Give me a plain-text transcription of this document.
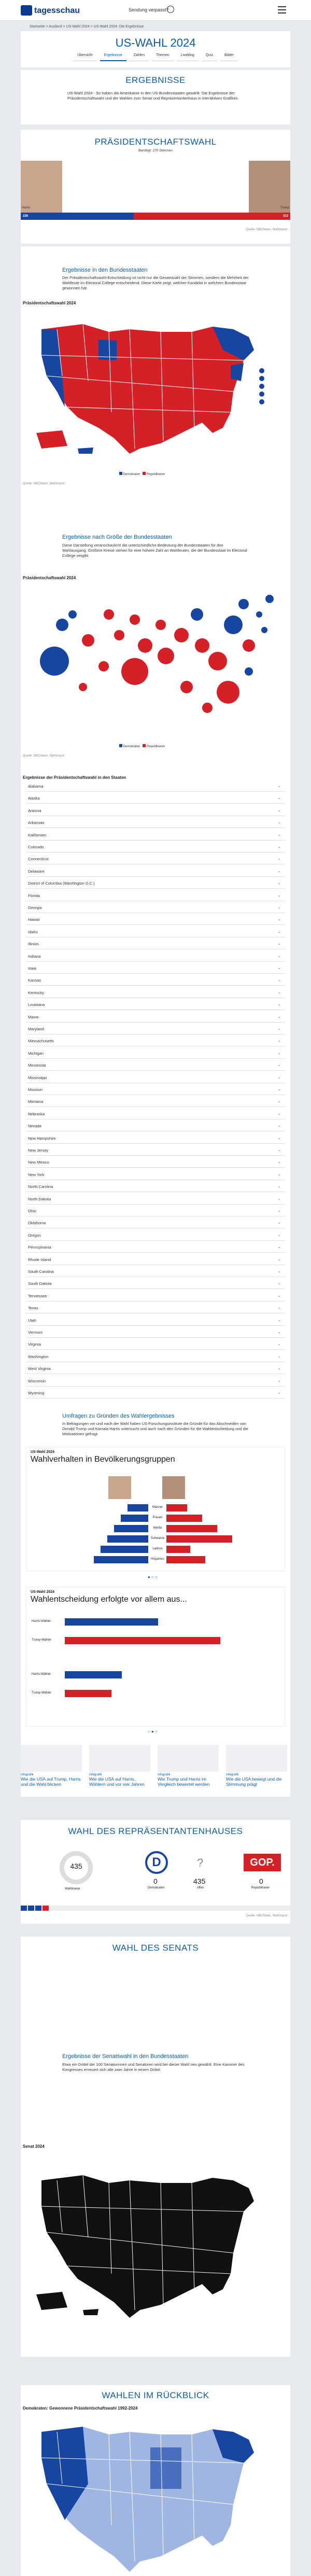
tagesschau	Sendung verpasst?
Startseite > Ausland > US-Wahl 2024 > US-Wahl 2024: Die Ergebnisse
US-WAHL 2024
Übersicht	Ergebnisse	Zahlen	Themen	Liveblog	Quiz	Bilder
ERGEBNISSE
US-Wahl 2024 - So haben die Amerikaner in den US-Bundesstaaten gewählt. Die Ergebnisse der Präsidentschaftswahl und der Wahlen zum Senat und Repräsentantenhaus in interaktiven Grafiken.
PRÄSIDENTSCHAFTSWAHL
Benötigt: 270 Stimmen
226	312
Harris	Trump
Quelle: NBCNews, Wahlstand
Ergebnisse in den Bundesstaaten
Der Präsidentschaftswahl-Entscheidung ist nicht nur die Gesamtzahl der Stimmen, sondern die Mehrheit der Wahlleute im Electoral College entscheidend. Diese Karte zeigt, welcher Kandidat in welchem Bundesstaat gewonnen hat.
Präsidentschaftswahl 2024
Demokraten Republikaner
Quelle: NBCNews, Wahlstand
Ergebnisse nach Größe der Bundesstaaten
Diese Darstellung veranschaulicht die unterschiedliche Bedeutung der Bundesstaaten für den Wahlausgang. Größere Kreise stehen für eine höhere Zahl an Wahlleuten, die der Bundesstaat im Electoral College vergibt.
Präsidentschaftswahl 2024
Demokraten Republikaner
Quelle: NBCNews, Wahlstand
Ergebnisse der Präsidentschaftswahl in den Staaten
Alabama	⌄
Alaska	⌄
Arizona	⌄
Arkansas	⌄
Kalifornien	⌄
Colorado	⌄
Connecticut	⌄
Delaware	⌄
District of Columbia (Washington D.C.)	⌄
Florida	⌄
Georgia	⌄
Hawaii	⌄
Idaho	⌄
Illinois	⌄
Indiana	⌄
Iowa	⌄
Kansas	⌄
Kentucky	⌄
Louisiana	⌄
Maine	⌄
Maryland	⌄
Massachusetts	⌄
Michigan	⌄
Minnesota	⌄
Mississippi	⌄
Missouri	⌄
Montana	⌄
Nebraska	⌄
Nevada	⌄
New Hampshire	⌄
New Jersey	⌄
New Mexico	⌄
New York	⌄
North Carolina	⌄
North Dakota	⌄
Ohio	⌄
Oklahoma	⌄
Oregon	⌄
Pennsylvania	⌄
Rhode Island	⌄
South Carolina	⌄
South Dakota	⌄
Tennessee	⌄
Texas	⌄
Utah	⌄
Vermont	⌄
Virginia	⌄
Washington	⌄
West Virginia	⌄
Wisconsin	⌄
Wyoming	⌄
Umfragen zu Gründen des Wahlergebnisses
In Befragungen vor und nach der Wahl haben US-Forschungsinstitute die Gründe für das Abschneiden von Donald Trump und Kamala Harris untersucht und auch nach den Gründen für die Wahlentscheidung und die Motivationen gefragt.
US-Wahl 2024
Wahlverhalten in Bevölkerungsgruppen
Männer
Frauen
Weiße
Schwarze
Latinos
Hispanics
● ○ ○
US-Wahl 2024
Wahlentscheidung erfolgte vor allem aus...
Harris-Wähler
Trump-Wähler
Harris-Wähler
Trump-Wähler
○ ● ○
Infografik
Wie die USA auf Trump, Harris und die Wahl blicken
Infografik
Wie die USA auf Harris, Wählern und vor vier Jahren
Infografik
Wie Trump und Harris im Vergleich bewertet werden
Infografik
Wie die USA bewegt und die Stimmung prägt
WAHL DES REPRÄSENTANTENHAUSES
435
Wahlkreise
D
0
Demokraten
?
435
offen
GOP.
0
Republikaner
Quelle: NBCNews, Wahlstand
WAHL DES SENATS
Ergebnisse der Senatswahl in den Bundesstaaten
Etwa ein Drittel der 100 Senatorinnen und Senatoren wird bei dieser Wahl neu gewählt. Eine Kammer des Kongresses erneuert sich alle zwei Jahre in einem Drittel.
Senat 2024
WAHLEN IM RÜCKBLICK
Demokraten: Gewonnene Präsidentschaftswahl 1992-2024
